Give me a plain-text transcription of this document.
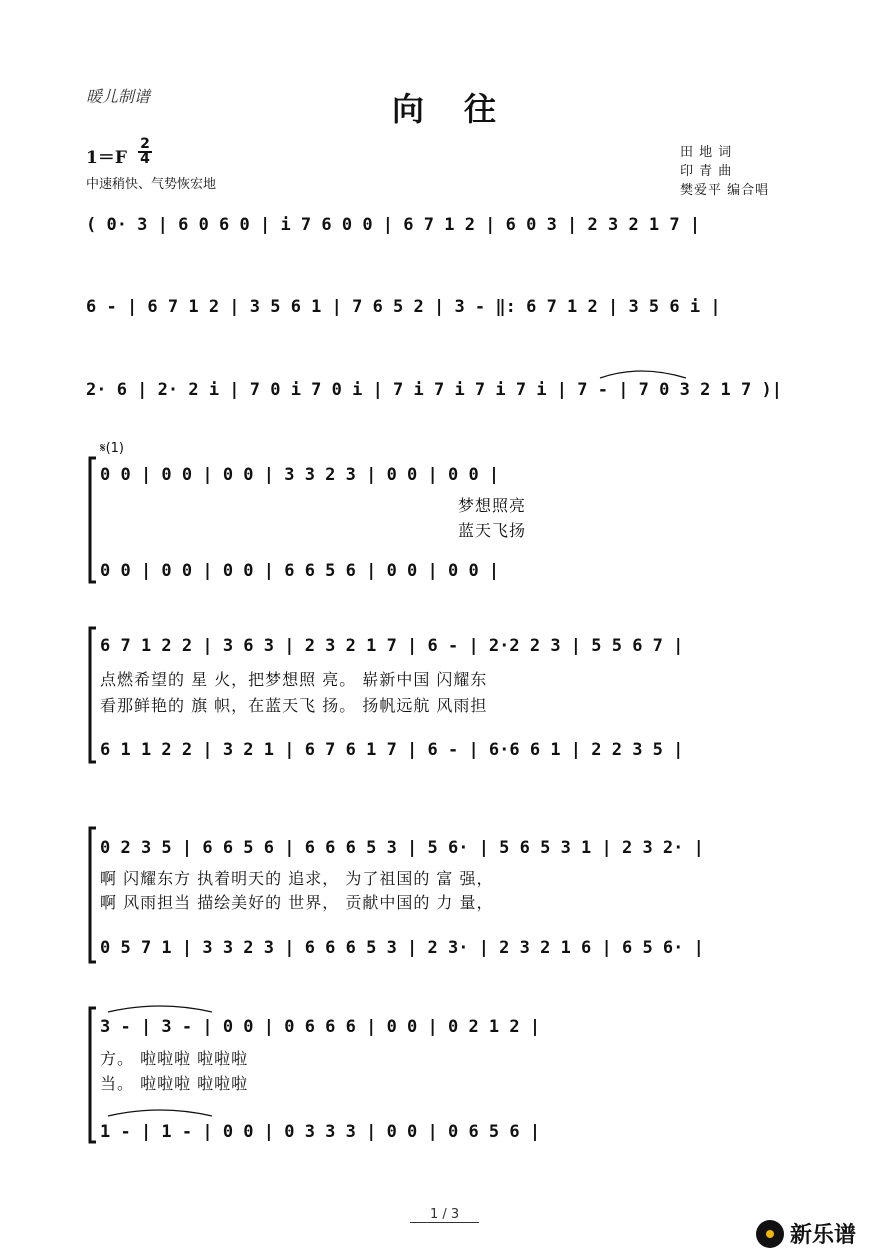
暖儿制谱	向往
$1=F \frac{2}{4}$
中速稍快、气势恢宏地
田 地 词
印 青 曲
樊爱平 编合唱
( 0· 3 | 6 0 6 0 | i 7 6 0 0 | 6 7 1 2 | 6 0 3 | 2 3 2 1 7 |
6 - | 6 7 1 2 | 3 5 6 1 | 7 6 5 2 | 3 - ‖: 6 7 1 2 | 3 5 6 i |
2· 6 | 2· 2 i | 7 0 i 7 0 i | 7 i 7 i 7 i 7 i | 7 - | 7 0 3 2 1 7 )|
𝄋(1)
0 0 | 0 0 | 0 0 | 3 3 2 3 | 0 0 | 0 0 |
梦想照亮
蓝天飞扬
0 0 | 0 0 | 0 0 | 6 6 5 6 | 0 0 | 0 0 |
6 7 1 2 2 | 3 6 3 | 2 3 2 1 7 | 6 - | 2·2 2 3 | 5 5 6 7 |
点燃希望的 星 火，把梦想照 亮。 崭新中国 闪耀东
看那鲜艳的 旗 帜，在蓝天飞 扬。 扬帆远航 风雨担
6 1 1 2 2 | 3 2 1 | 6 7 6 1 7 | 6 - | 6·6 6 1 | 2 2 3 5 |
0 2 3 5 | 6 6 5 6 | 6 6 6 5 3 | 5 6· | 5 6 5 3 1 | 2 3 2· |
啊 闪耀东方 执着明天的 追求， 为了祖国的 富 强，
啊 风雨担当 描绘美好的 世界， 贡献中国的 力 量，
0 5 7 1 | 3 3 2 3 | 6 6 6 5 3 | 2 3· | 2 3 2 1 6 | 6 5 6· |
3 - | 3 - | 0 0 | 0 6 6 6 | 0 0 | 0 2 1 2 |
方。 啦啦啦 啦啦啦
当。 啦啦啦 啦啦啦
1 - | 1 - | 0 0 | 0 3 3 3 | 0 0 | 0 6 5 6 |
1 / 3
新乐谱
